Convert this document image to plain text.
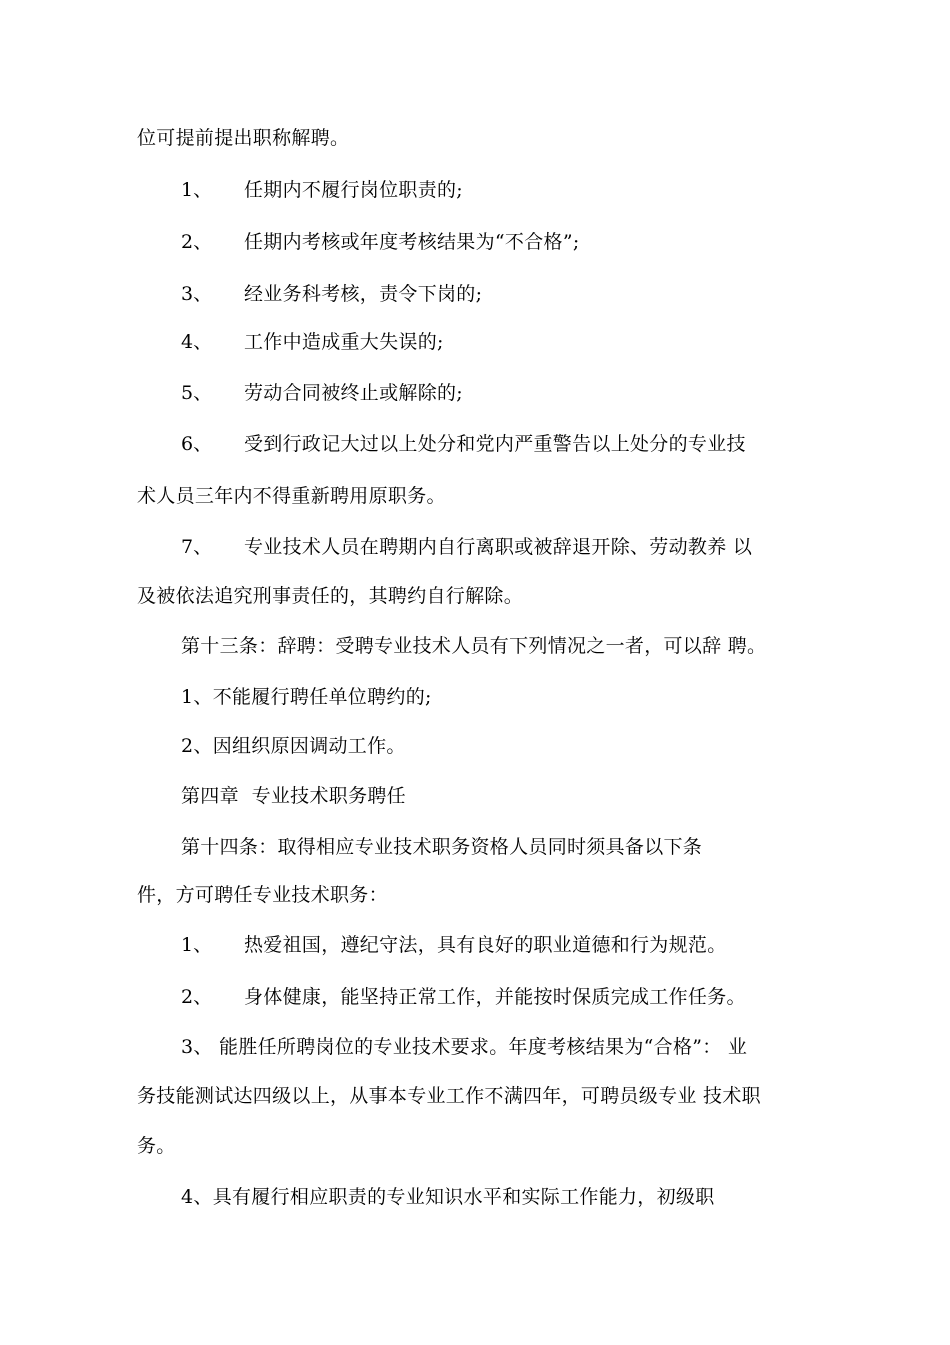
位可提前提出职称解聘。
1、 任期内不履行岗位职责的;
2、 任期内考核或年度考核结果为“不合格”;
3、 经业务科考核，责令下岗的;
4、 工作中造成重大失误的;
5、 劳动合同被终止或解除的;
6、 受到行政记大过以上处分和党内严重警告以上处分的专业技
术人员三年内不得重新聘用原职务。
7、 专业技术人员在聘期内自行离职或被辞退开除、劳动教养 以
及被依法追究刑事责任的，其聘约自行解除。
第十三条：辞聘：受聘专业技术人员有下列情况之一者，可以辞 聘。
1、不能履行聘任单位聘约的;
2、因组织原因调动工作。
第四章  专业技术职务聘任
第十四条：取得相应专业技术职务资格人员同时须具备以下条
件，方可聘任专业技术职务：
1、 热爱祖国，遵纪守法，具有良好的职业道德和行为规范。
2、 身体健康，能坚持正常工作，并能按时保质完成工作任务。
3、 能胜任所聘岗位的专业技术要求。年度考核结果为“合格”： 业
务技能测试达四级以上，从事本专业工作不满四年，可聘员级专业 技术职
务。
4、具有履行相应职责的专业知识水平和实际工作能力，初级职
